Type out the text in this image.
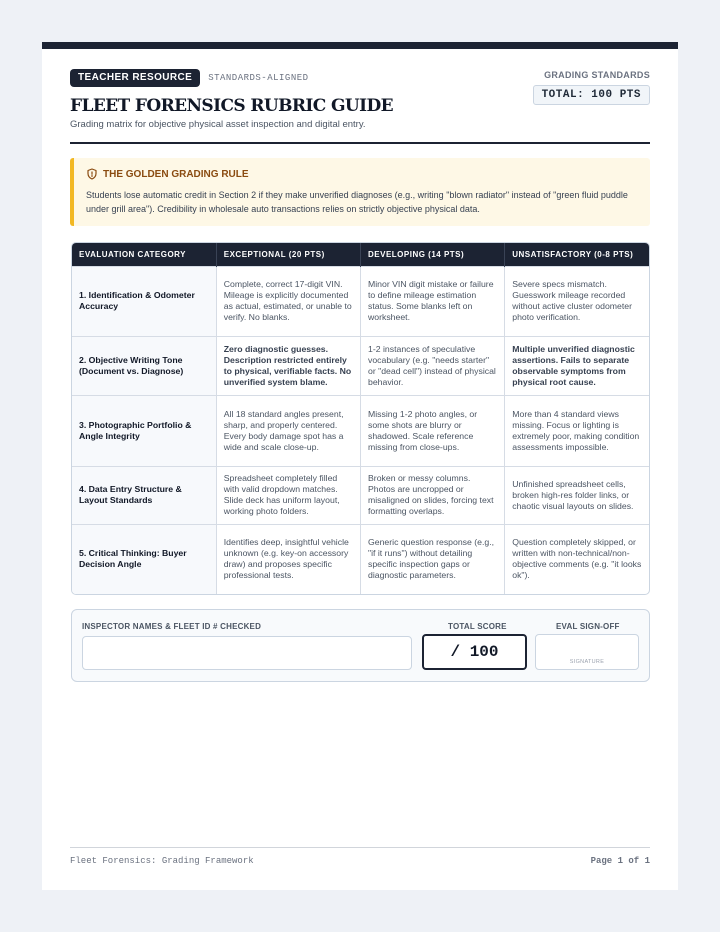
TEACHER RESOURCE	STANDARDS-ALIGNED
FLEET FORENSICS RUBRIC GUIDE
Grading matrix for objective physical asset inspection and digital entry.
GRADING STANDARDS
TOTAL: 100 PTS
THE GOLDEN GRADING RULE
Students lose automatic credit in Section 2 if they make unverified diagnoses (e.g., writing "blown radiator" instead of "green fluid puddle under grill area"). Credibility in wholesale auto transactions relies on strictly objective physical data.
EVALUATION CATEGORY	EXCEPTIONAL (20 PTS)	DEVELOPING (14 PTS)	UNSATISFACTORY (0-8 PTS)
1. Identification & Odometer Accuracy	Complete, correct 17-digit VIN. Mileage is explicitly documented as actual, estimated, or unable to verify. No blanks.	Minor VIN digit mistake or failure to define mileage estimation status. Some blanks left on worksheet.	Severe specs mismatch. Guesswork mileage recorded without active cluster odometer photo verification.
2. Objective Writing Tone (Document vs. Diagnose)	Zero diagnostic guesses. Description restricted entirely to physical, verifiable facts. No unverified system blame.	1-2 instances of speculative vocabulary (e.g. "needs starter" or "dead cell") instead of physical behavior.	Multiple unverified diagnostic assertions. Fails to separate observable symptoms from physical root cause.
3. Photographic Portfolio & Angle Integrity	All 18 standard angles present, sharp, and properly centered. Every body damage spot has a wide and scale close-up.	Missing 1-2 photo angles, or some shots are blurry or shadowed. Scale reference missing from close-ups.	More than 4 standard views missing. Focus or lighting is extremely poor, making condition assessments impossible.
4. Data Entry Structure & Layout Standards	Spreadsheet completely filled with valid dropdown matches. Slide deck has uniform layout, working photo folders.	Broken or messy columns. Photos are uncropped or misaligned on slides, forcing text formatting overlaps.	Unfinished spreadsheet cells, broken high-res folder links, or chaotic visual layouts on slides.
5. Critical Thinking: Buyer Decision Angle	Identifies deep, insightful vehicle unknown (e.g. key-on accessory draw) and proposes specific professional tests.	Generic question response (e.g., "if it runs") without detailing specific inspection gaps or diagnostic parameters.	Question completely skipped, or written with non-technical/non-objective comments (e.g. "it looks ok").
INSPECTOR NAMES & FLEET ID # CHECKED	TOTAL SCORE	EVAL SIGN-OFF
/ 100
SIGNATURE
Fleet Forensics: Grading Framework	Page 1 of 1
